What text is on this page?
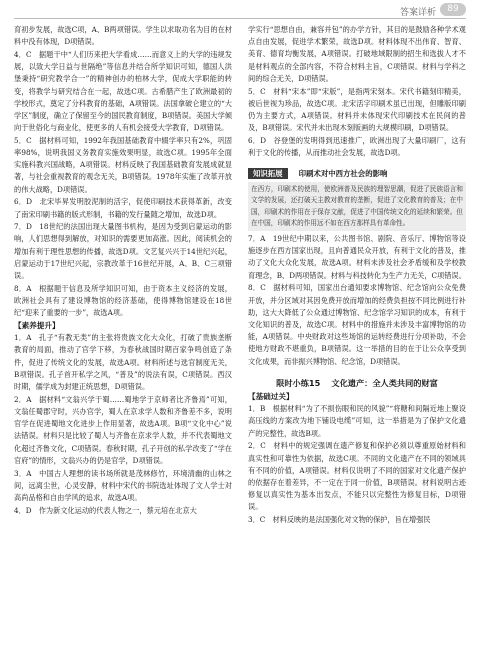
答案详析	89

育初步发展，故选C项，A、B两项错误。学生以求取功名为目的在材料中没有体现，D项错误。

4．C　据题干中“人们历来把大学看成……而意义上的大学的违规发展，以致大学日益与世隔绝”等信息并结合所学知识可知，德国人洪堡秉持“研究教学合一”的精神创办的柏林大学，促成大学职能的转变，将教学与研究结合在一起，故选C项。古希腊产生了欧洲最初的学校形式，奠定了分科教育的基础，A项错误。法国拿破仑建立的“大学区”制度，确立了保留至今的国民教育制度，B项错误。美国大学倾向于世俗化与商业化，使更多的人有机会接受大学教育，D项错误。

5．C　据材料可知，1992年我国基础教育中辍学率只有2%，巩固率98%，说明我国义务教育实施效果明显，故选C项。1995年全面实施科教兴国战略，A项错误。材料反映了我国基础教育发展成就显著，与社会重视教育的观念无关，B项错误。1978年实施了改革开放的伟大战略，D项错误。

6．D　北宋毕昇发明胶泥制的活字，促使印刷技术获得革新，改变了南宋印刷书籍的版式形制，书籍的发行量随之增加，故选D项。

7．D　18世纪的法国出现大量图书机构，是因为受到启蒙运动的影响，人们思想得到解放，对知识的需要更加高涨。因此，阅读机会的增加有利于理性思想的传播，故选D项。文艺复兴兴于14世纪兴起，启蒙运动于17世纪兴起，宗教改革于16世纪开展，A、B、C三项错误。

8．A　根据题干信息及所学知识可知，由于资本主义经济的发展，欧洲社会具有了建设博物馆的经济基础，使得博物馆建设在18世纪“迎来了重要的一步”，故选A项。

【素养提升】

1．A　孔子“有教无类”的主张将贵族文化大众化，打破了贵族垄断教育的局面，推动了官学下移，为春秋战国时期百家争鸣创造了条件，促进了传统文化的发展，故选A项。材料所述与选官制度无关，B项错误。孔子首开私学之风，“普及”的说法有误，C项错误。西汉时期，儒学成为封建正统思想，D项错误。

2．A　据材料“文翁兴学于蜀……蜀地学于京师者比齐鲁焉”可知，文翁任蜀郡守时，兴办官学，蜀人在京求学人数和齐鲁差不多，说明官学在促进蜀地文化进步上作用显著，故选A项。B项“文化中心”说法错误。材料只是比较了蜀人与齐鲁在京求学人数，并不代表蜀地文化超过齐鲁文化，C项错误。春秋时期，孔子开创的私学改变了“学在官府”的情形，文翁兴办的仍是官学，D项错误。

3．A　中国古人理想的读书场所就是茂林修竹，环境清幽的山林之间，远离尘世，心灵安静，材料中宋代的书院选址体现了文人学士对高尚品格和自由学风的追求，故选A项。

4．D　作为新文化运动的代表人物之一，蔡元培在北京大

学实行“思想自由，兼容并包”的办学方针，其目的是鼓励各种学术观点自由发展，促进学术繁荣，故选D项。材料体现不出伟育、智育、美育、德育均衡发展，A项错误。打破地域限制的招生和选拔人才不是材料观点的全部内容，不符合材料主旨，C项错误。材料与学科之间的综合无关，D项错误。

5．C　材料“宋本”即“宋版”，是指两宋刻本。宋代书籍刻印精美，被后世视为珍品，故选C项。北宋活字印刷术虽已出现，但雕版印刷仍为主要方式，A项错误。材料并未体现宋代印刷技术在民间的普及，B项错误。宋代并未出现木刻版画的大规模印刷，D项错误。

6．D　谷登堡的发明得到迅速推广，欧洲出现了大量印刷厂，这有利于文化的传播，从而推动社会发展，故选D项。

知识拓展 印刷术对中西方社会的影响
在西方，印刷术的使用，使欧洲普及民族的理智思潮，促进了民族语言和文学的发展，还打破天主教对教育的垄断，促进了文化教育的普及；在中国，印刷术的作用在于保存文献，促进了中国传统文化的延续和繁荣。但在中国，印刷术的作用远不如在西方那样具有革命性。

7．A　19世纪中期以来，公共图书馆、剧院、音乐厅、博物馆等设施逐步在西方国家出现，且向普通民众开放，有利于文化的普及，推动了文化大众化发展，故选A项。材料未涉及社会矛盾缓和及学校教育理念，B、D两项错误。材料与科技转化为生产力无关，C项错误。

8．C　据材料可知，国家出台通知要求博物馆、纪念馆向公众免费开放，并分区域对其因免费开放而增加的经费负担按不同比例进行补助，这大大降低了公众通过博物馆、纪念馆学习知识的成本，有利于文化知识的普及，故选C项。材料中的措施并未涉及丰富博物馆的功能，A项错误。中央财政对这些场馆的运转经费进行分项补助，不会使地方财政不堪重负，B项错误。这一举措的目的在于让公众享受到文化成果，而非振兴博物馆、纪念馆，D项错误。

限时小练15 文化遗产：全人类共同的财富

【基础过关】

1．B　根据材料“为了不损伤眼和民的风貌”“将糖和间隔近地上聚设高压线的方案改为地下铺设电缆”可知，这一举措是为了保护文化遗产的完整性，故选B项。

2．C　材料中的规定强调在遗产修复和保护必须以尊重原始材料和真实性和可靠性为依据，故选C项。不同的文化遗产在不同的领域具有不同的价值，A项错误。材料仅说明了不同的国家对文化遗产保护的依据存在着差异，不一定在于同一价值，B项错误。材料说明古迹修复以真实性为基本出发点，不能只以完整性为修复目标，D项错误。

3．C　材料反映的是法国强化对文物的保护，旨在增强民
